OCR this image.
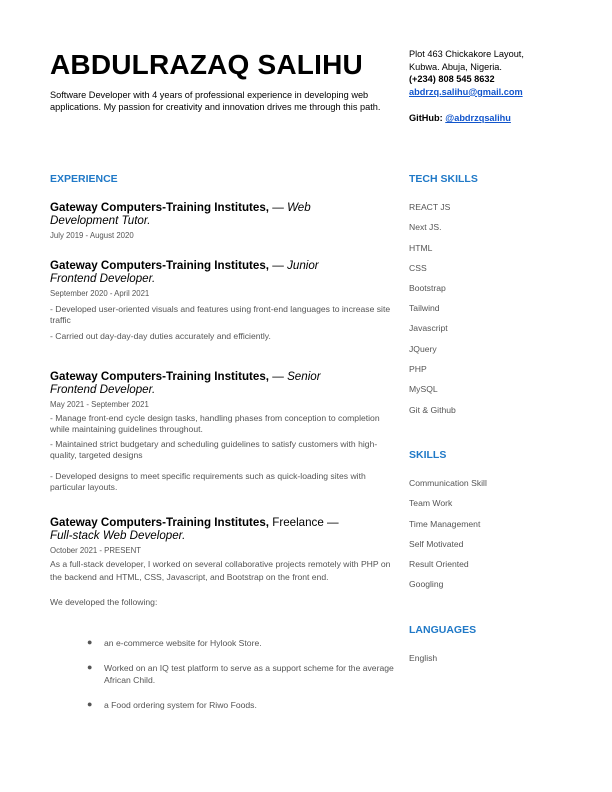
ABDULRAZAQ SALIHU
Software Developer with 4 years of professional experience in developing web applications. My passion for creativity and innovation drives me through this path.
Plot 463 Chickakore Layout,
Kubwa. Abuja, Nigeria.
(+234) 808 545 8632
abdrzq.salihu@gmail.com
GitHub: @abdrzqsalihu
EXPERIENCE
Gateway Computers-Training Institutes, — Web
Development Tutor.
July 2019 - August 2020
Gateway Computers-Training Institutes, — Junior
Frontend Developer.
September 2020 - April 2021
- Developed user-oriented visuals and features using front-end languages to increase site traffic
- Carried out day-day-day duties accurately and efficiently.
Gateway Computers-Training Institutes, — Senior
Frontend Developer.
May 2021 - September 2021
- Manage front-end cycle design tasks, handling phases from conception to completion while maintaining guidelines throughout.
- Maintained strict budgetary and scheduling guidelines to satisfy customers with high-quality, targeted designs
- Developed designs to meet specific requirements such as quick-loading sites with particular layouts.
Gateway Computers-Training Institutes, Freelance —
Full-stack Web Developer.
October 2021 - PRESENT
As a full-stack developer, I worked on several collaborative projects remotely with PHP on the backend and HTML, CSS, Javascript, and Bootstrap on the front end.
We developed the following:
● an e-commerce website for Hylook Store.
● Worked on an IQ test platform to serve as a support scheme for the average African Child.
● a Food ordering system for Riwo Foods.
TECH SKILLS
REACT JS
Next JS.
HTML
CSS
Bootstrap
Tailwind
Javascript
JQuery
PHP
MySQL
Git & Github
SKILLS
Communication Skill
Team Work
Time Management
Self Motivated
Result Oriented
Googling
LANGUAGES
English
